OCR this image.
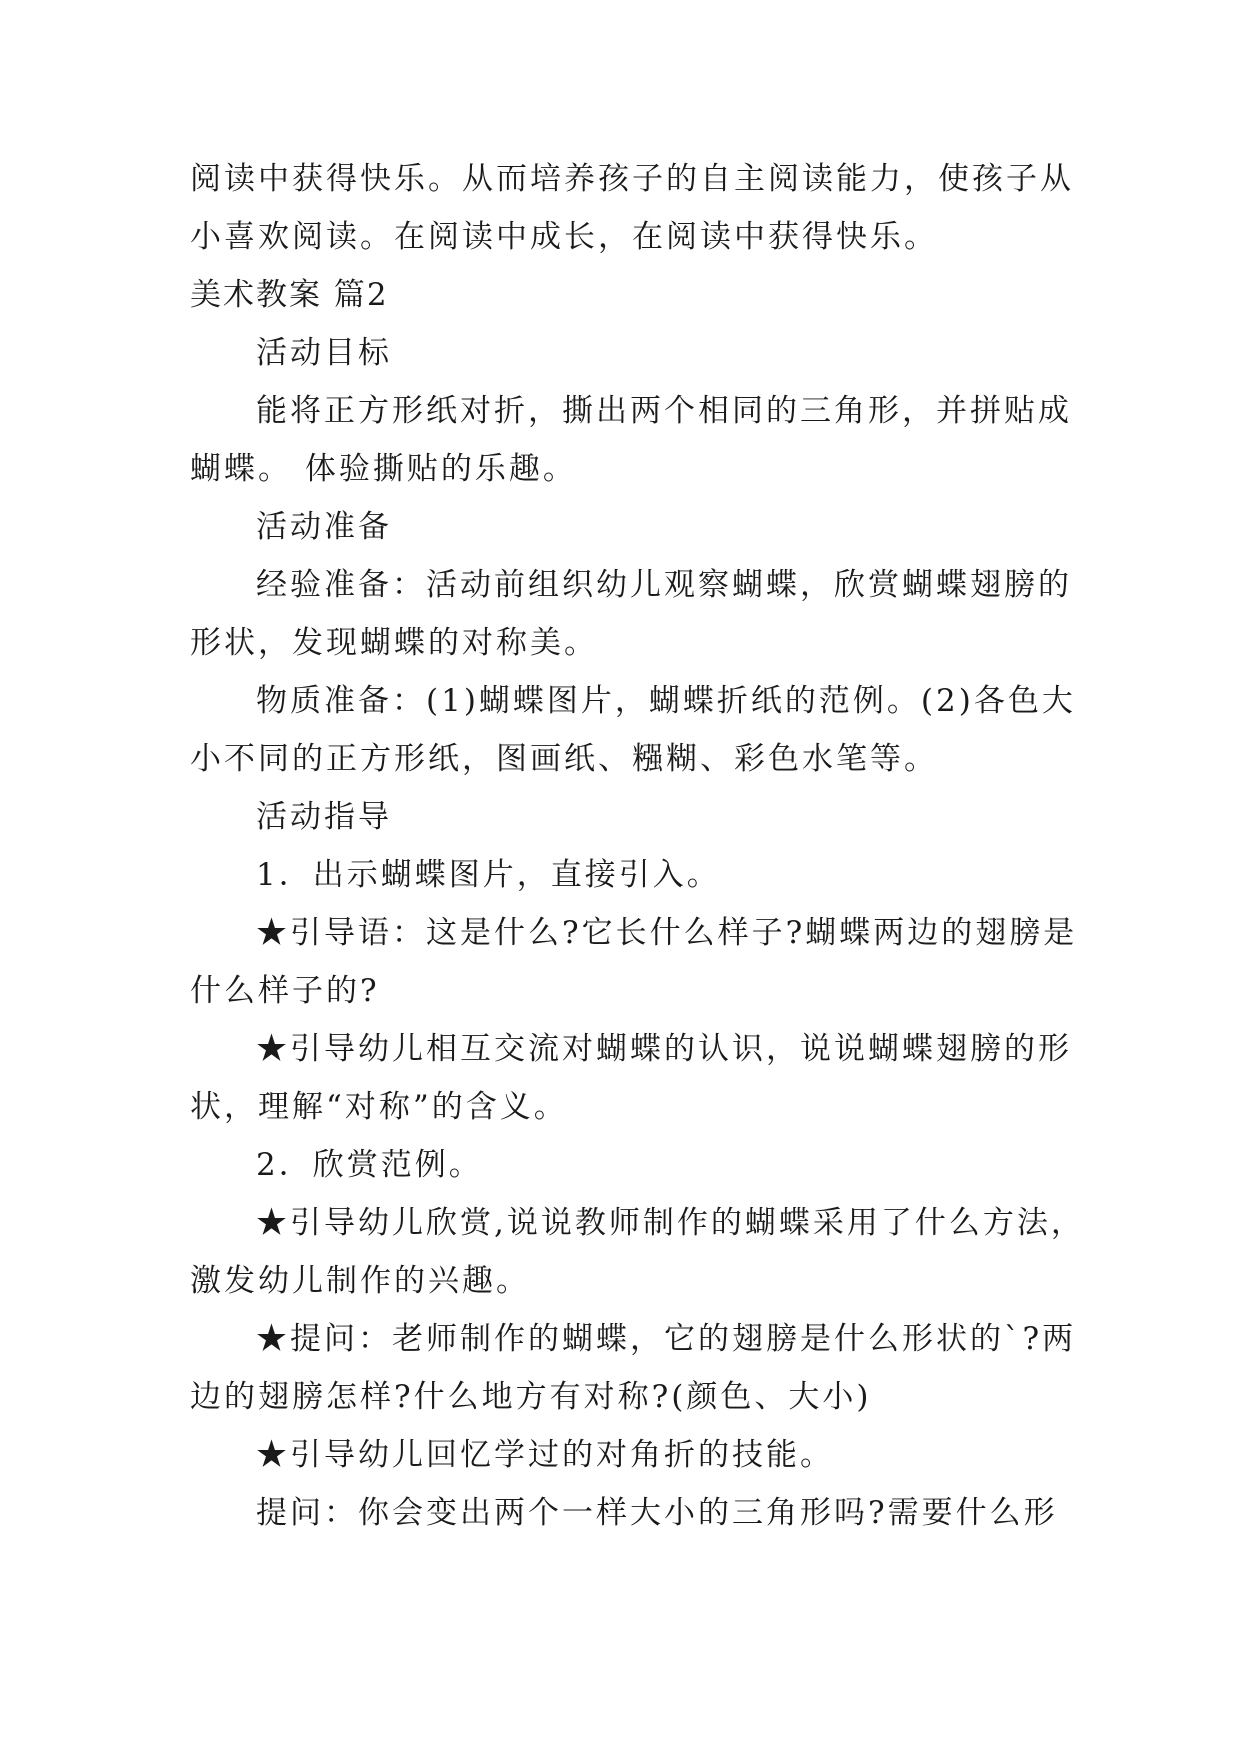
阅读中获得快乐。从而培养孩子的自主阅读能力，使孩子从
小喜欢阅读。在阅读中成长，在阅读中获得快乐。
美术教案 篇2
活动目标
能将正方形纸对折，撕出两个相同的三角形，并拼贴成
蝴蝶。 体验撕贴的乐趣。
活动准备
经验准备：活动前组织幼儿观察蝴蝶，欣赏蝴蝶翅膀的
形状，发现蝴蝶的对称美。
物质准备：(1)蝴蝶图片，蝴蝶折纸的范例。(2)各色大
小不同的正方形纸，图画纸、糨糊、彩色水笔等。
活动指导
1．出示蝴蝶图片，直接引入。
★引导语：这是什么?它长什么样子?蝴蝶两边的翅膀是
什么样子的?
★引导幼儿相互交流对蝴蝶的认识，说说蝴蝶翅膀的形
状，理解“对称”的含义。
2．欣赏范例。
★引导幼儿欣赏,说说教师制作的蝴蝶采用了什么方法，
激发幼儿制作的兴趣。
★提问：老师制作的蝴蝶，它的翅膀是什么形状的`?两
边的翅膀怎样?什么地方有对称?(颜色、大小)
★引导幼儿回忆学过的对角折的技能。
提问：你会变出两个一样大小的三角形吗?需要什么形
